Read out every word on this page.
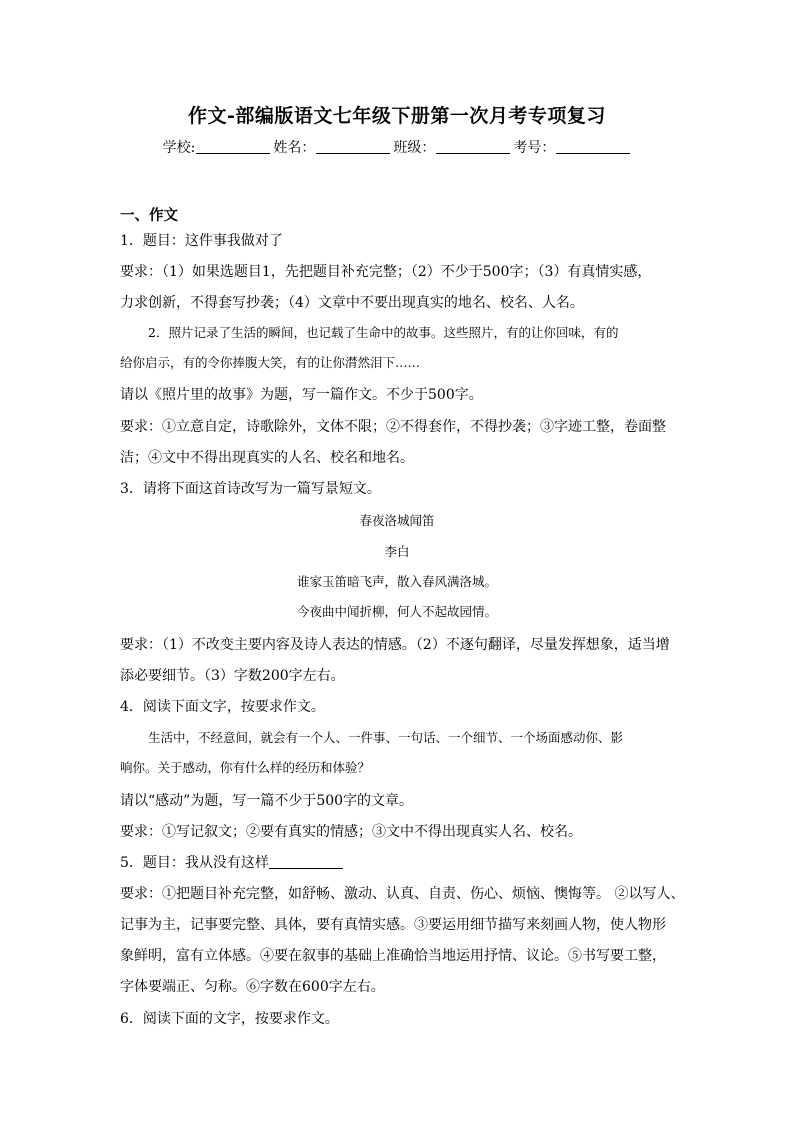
作文-部编版语文七年级下册第一次月考专项复习
学校:	姓名：	班级：	考号：
一、作文
1．题目：这件事我做对了
要求：（1）如果选题目1，先把题目补充完整；（2）不少于500字；（3）有真情实感，
力求创新，不得套写抄袭；（4）文章中不要出现真实的地名、校名、人名。
2．照片记录了生活的瞬间，也记载了生命中的故事。这些照片，有的让你回味，有的
给你启示，有的令你捧腹大笑，有的让你潸然泪下……
请以《照片里的故事》为题，写一篇作文。不少于500字。
要求：①立意自定，诗歌除外，文体不限；②不得套作，不得抄袭；③字迹工整，卷面整
洁；④文中不得出现真实的人名、校名和地名。
3．请将下面这首诗改写为一篇写景短文。
春夜洛城闻笛
李白
谁家玉笛暗飞声，散入春风满洛城。
今夜曲中闻折柳，何人不起故园情。
要求：（1）不改变主要内容及诗人表达的情感。（2）不逐句翻译，尽量发挥想象，适当增
添必要细节。（3）字数200字左右。
4．阅读下面文字，按要求作文。
生活中，不经意间，就会有一个人、一件事、一句话、一个细节、一个场面感动你、影
响你。关于感动，你有什么样的经历和体验？
请以“感动”为题，写一篇不少于500字的文章。
要求：①写记叙文；②要有真实的情感；③文中不得出现真实人名、校名。
5．题目：我从没有这样
要求：①把题目补充完整，如舒畅、激动、认真、自责、伤心、烦恼、懊悔等。 ②以写人、
记事为主，记事要完整、具体，要有真情实感。③要运用细节描写来刻画人物，使人物形
象鲜明，富有立体感。④要在叙事的基础上准确恰当地运用抒情、议论。⑤书写要工整，
字体要端正、匀称。⑥字数在600字左右。
6．阅读下面的文字，按要求作文。
